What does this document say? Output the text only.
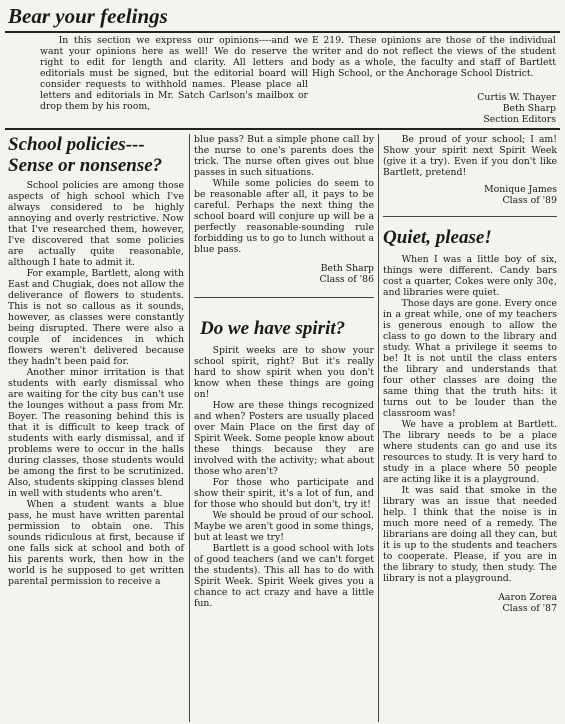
Bear your feelings

In this section we express our opinions----and we want your opinions here as well! We do reserve the right to edit for length and clarity. All letters and editorials must be signed, but the editorial board will consider requests to withhold names. Please place all letters and editorials in Mr. Satch Carlson's mailbox or drop them by his room,

E 219. These opinions are those of the individual writer and do not reflect the views of the student body as a whole, the faculty and staff of Bartlett High School, or the Anchorage School District.

Curtis W. Thayer
Beth Sharp
Section Editors
School policies---
Sense or nonsense?

School policies are among those aspects of high school which I've always considered to be highly annoying and overly restrictive. Now that I've researched them, however, I've discovered that some policies are actually quite reasonable, although I hate to admit it.

For example, Bartlett, along with East and Chugiak, does not allow the deliverance of flowers to students. This is not so callous as it sounds, however, as classes were constantly being disrupted. There were also a couple of incidences in which flowers weren't delivered because they hadn't been paid for.

Another minor irritation is that students with early dismissal who are waiting for the city bus can't use the lounges without a pass from Mr. Boyer. The reasoning behind this is that it is difficult to keep track of students with early dismissal, and if problems were to occur in the halls during classes, those students would be among the first to be scrutinized. Also, students skipping classes blend in well with students who aren't.

When a student wants a blue pass, he must have written parental permission to obtain one. This sounds ridiculous at first, because if one falls sick at school and both of his parents work, then how in the world is he supposed to get written parental permission to receive a

blue pass? But a simple phone call by the nurse to one's parents does the trick. The nurse often gives out blue passes in such situations.

While some policies do seem to be reasonable after all, it pays to be careful. Perhaps the next thing the school board will conjure up will be a perfectly reasonable-sounding rule forbidding us to go to lunch without a blue pass.

Beth Sharp
Class of '86
Do we have spirit?

Spirit weeks are to show your school spirit, right? But it's really hard to show spirit when you don't know when these things are going on!

How are these things recognized and when? Posters are usually placed over Main Place on the first day of Spirit Week. Some people know about these things because they are involved with the activity; what about those who aren't?

For those who participate and show their spirit, it's a lot of fun, and for those who should but don't, try it!

We should be proud of our school. Maybe we aren't good in some things, but at least we try!

Bartlett is a good school with lots of good teachers (and we can't forget the students). This all has to do with Spirit Week. Spirit Week gives you a chance to act crazy and have a little fun.

Be proud of your school; I am! Show your spirit next Spirit Week (give it a try). Even if you don't like Bartlett, pretend!

Monique James
Class of '89
Quiet, please!

When I was a little boy of six, things were different. Candy bars cost a quarter, Cokes were only 30¢, and libraries were quiet.

Those days are gone. Every once in a great while, one of my teachers is generous enough to allow the class to go down to the library and study. What a privilege it seems to be! It is not until the class enters the library and understands that four other classes are doing the same thing that the truth hits: it turns out to be louder than the classroom was!

We have a problem at Bartlett. The library needs to be a place where students can go and use its resources to study. It is very hard to study in a place where 50 people are acting like it is a playground.

It was said that smoke in the library was an issue that needed help. I think that the noise is in much more need of a remedy. The librarians are doing all they can, but it is up to the students and teachers to cooperate. Please, if you are in the library to study, then study. The library is not a playground.

Aaron Zorea
Class of '87
